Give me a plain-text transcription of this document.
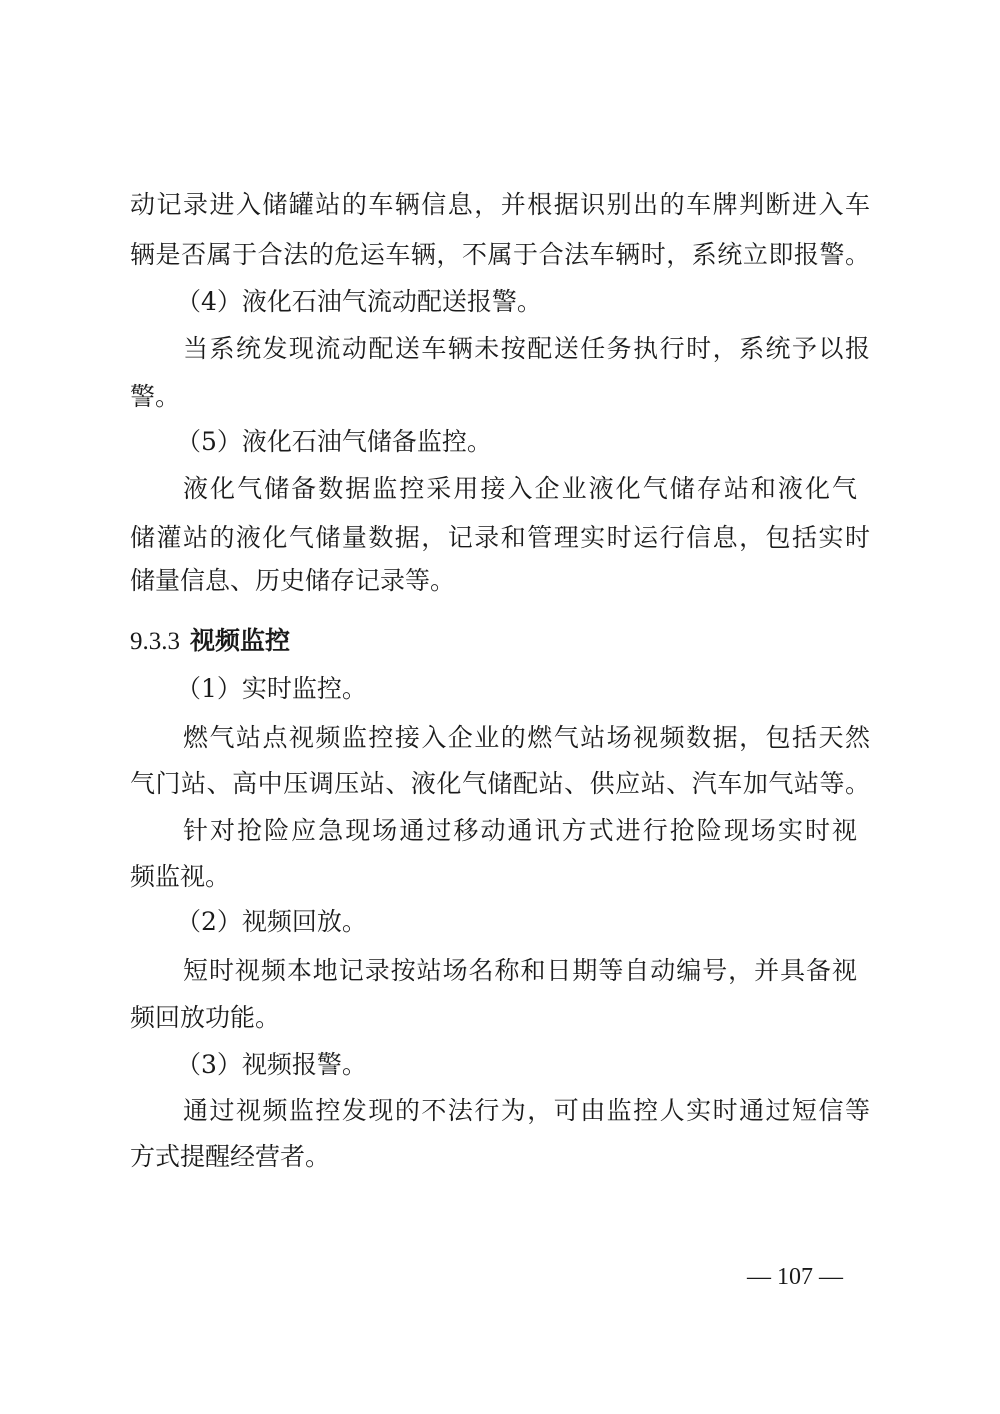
动记录进入储罐站的车辆信息，并根据识别出的车牌判断进入车
辆是否属于合法的危运车辆，不属于合法车辆时，系统立即报警。
（4）液化石油气流动配送报警。
当系统发现流动配送车辆未按配送任务执行时，系统予以报
警。
（5）液化石油气储备监控。
液化气储备数据监控采用接入企业液化气储存站和液化气
储灌站的液化气储量数据，记录和管理实时运行信息，包括实时
储量信息、历史储存记录等。
9.3.3 视频监控
（1）实时监控。
燃气站点视频监控接入企业的燃气站场视频数据，包括天然
气门站、高中压调压站、液化气储配站、供应站、汽车加气站等。
针对抢险应急现场通过移动通讯方式进行抢险现场实时视
频监视。
（2）视频回放。
短时视频本地记录按站场名称和日期等自动编号，并具备视
频回放功能。
（3）视频报警。
通过视频监控发现的不法行为，可由监控人实时通过短信等
方式提醒经营者。
— 107 —
